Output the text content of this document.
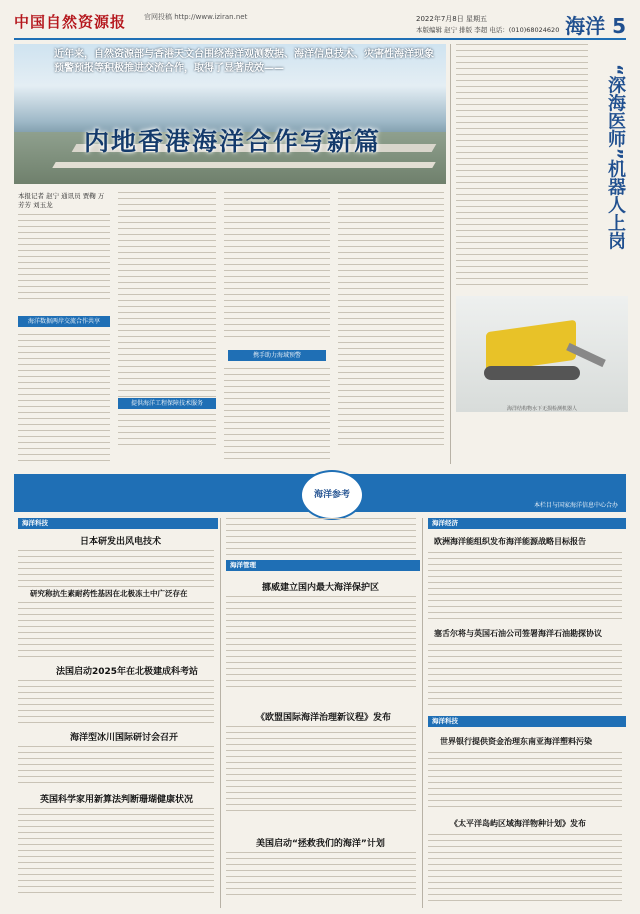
中国自然资源报	官网投稿 http://www.iziran.net	2022年7月8日 星期五
本版编辑 赵宁 排版 李超 电话：(010)68024620 海洋 5
近年来，自然资源部与香港天文台围绕海洋观测数据、海洋信息技术、灾害性海洋现象预警预报等积极推进交流合作，取得了显著成效——
内地香港海洋合作写新篇
本报记者 赵宁 通讯员 贾鞠 万芳芳 刘玉龙
海洋数据两岸交流合作共享
提供海洋工程保障技术服务
携手助力海域预警
“深海医师”机器人上岗
海洋结构物水下无损检测机器人
海洋参考
本栏目与国家海洋信息中心合办
海洋科技
日本研发出风电技术
研究称抗生素耐药性基因在北极冻土中广泛存在
法国启动2025年在北极建成科考站
海洋型冰川国际研讨会召开
英国科学家用新算法判断珊瑚健康状况
海洋管理
挪威建立国内最大海洋保护区
《欧盟国际海洋治理新议程》发布
美国启动“拯救我们的海洋”计划
海洋经济
欧洲海洋能组织发布海洋能源战略目标报告
塞舌尔将与英国石油公司签署海洋石油勘探协议
海洋科技
世界银行提供资金治理东南亚海洋塑料污染
《太平洋岛屿区域海洋物种计划》发布
